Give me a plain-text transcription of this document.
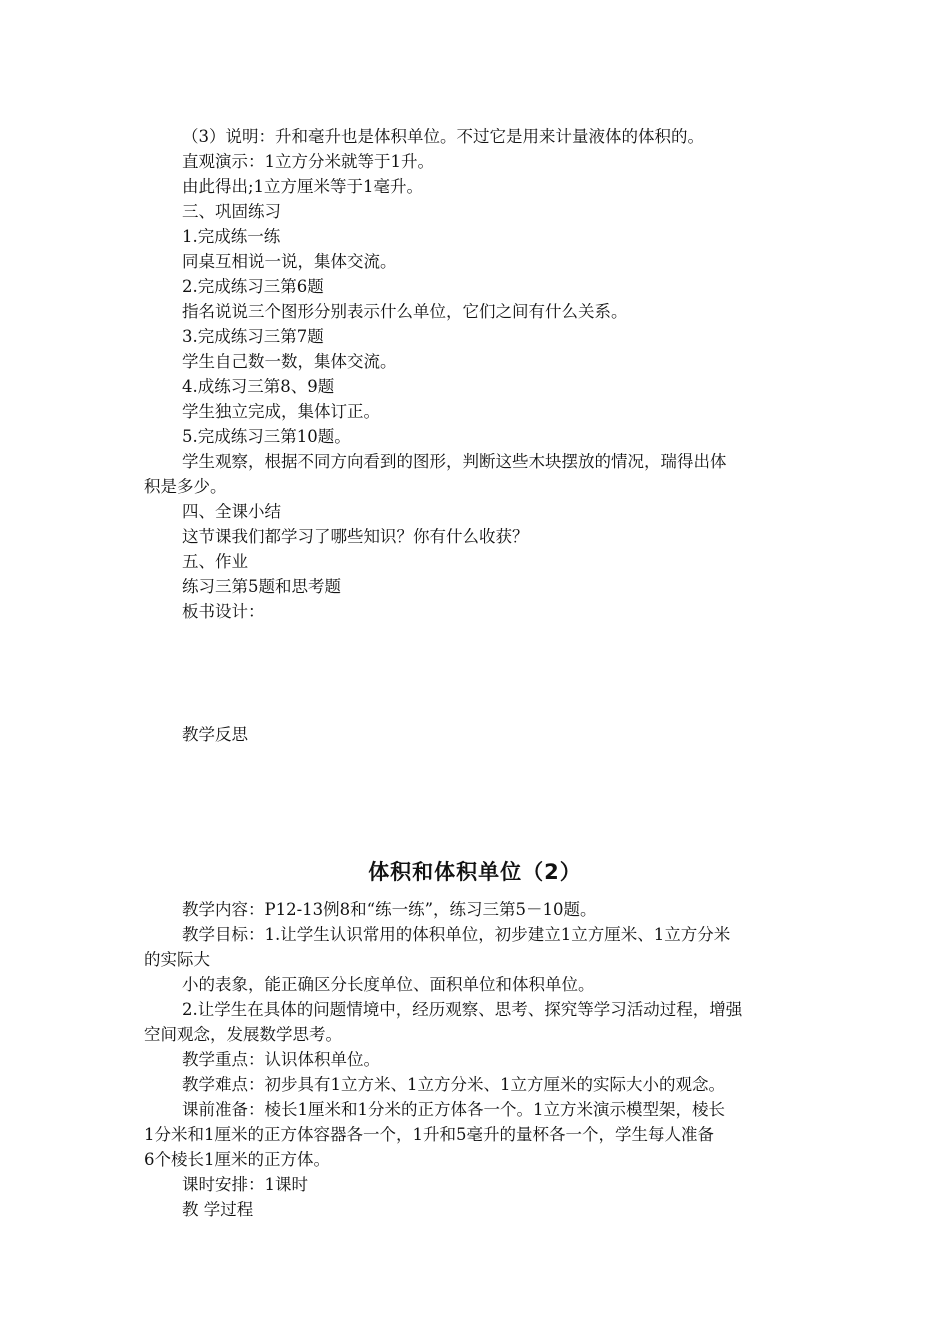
（3）说明：升和毫升也是体积单位。不过它是用来计量液体的体积的。
直观演示：1立方分米就等于1升。
由此得出;1立方厘米等于1毫升。
三、巩固练习
1.完成练一练
同桌互相说一说，集体交流。
2.完成练习三第6题
指名说说三个图形分别表示什么单位，它们之间有什么关系。
3.完成练习三第7题
学生自己数一数，集体交流。
4.成练习三第8、9题
学生独立完成，集体订正。
5.完成练习三第10题。
学生观察，根据不同方向看到的图形，判断这些木块摆放的情况，瑞得出体
积是多少。
四、全课小结
这节课我们都学习了哪些知识？你有什么收获？
五、作业
练习三第5题和思考题
板书设计：
教学反思
体积和体积单位（2）
教学内容：P12-13例8和“练一练”，练习三第5－10题。
教学目标：1.让学生认识常用的体积单位，初步建立1立方厘米、1立方分米
的实际大
小的表象，能正确区分长度单位、面积单位和体积单位。
2.让学生在具体的问题情境中，经历观察、思考、探究等学习活动过程，增强
空间观念，发展数学思考。
教学重点：认识体积单位。
教学难点：初步具有1立方米、1立方分米、1立方厘米的实际大小的观念。
课前准备：棱长1厘米和1分米的正方体各一个。1立方米演示模型架，棱长
1分米和1厘米的正方体容器各一个，1升和5毫升的量杯各一个，学生每人准备
6个棱长1厘米的正方体。
课时安排：1课时
教 学过程
